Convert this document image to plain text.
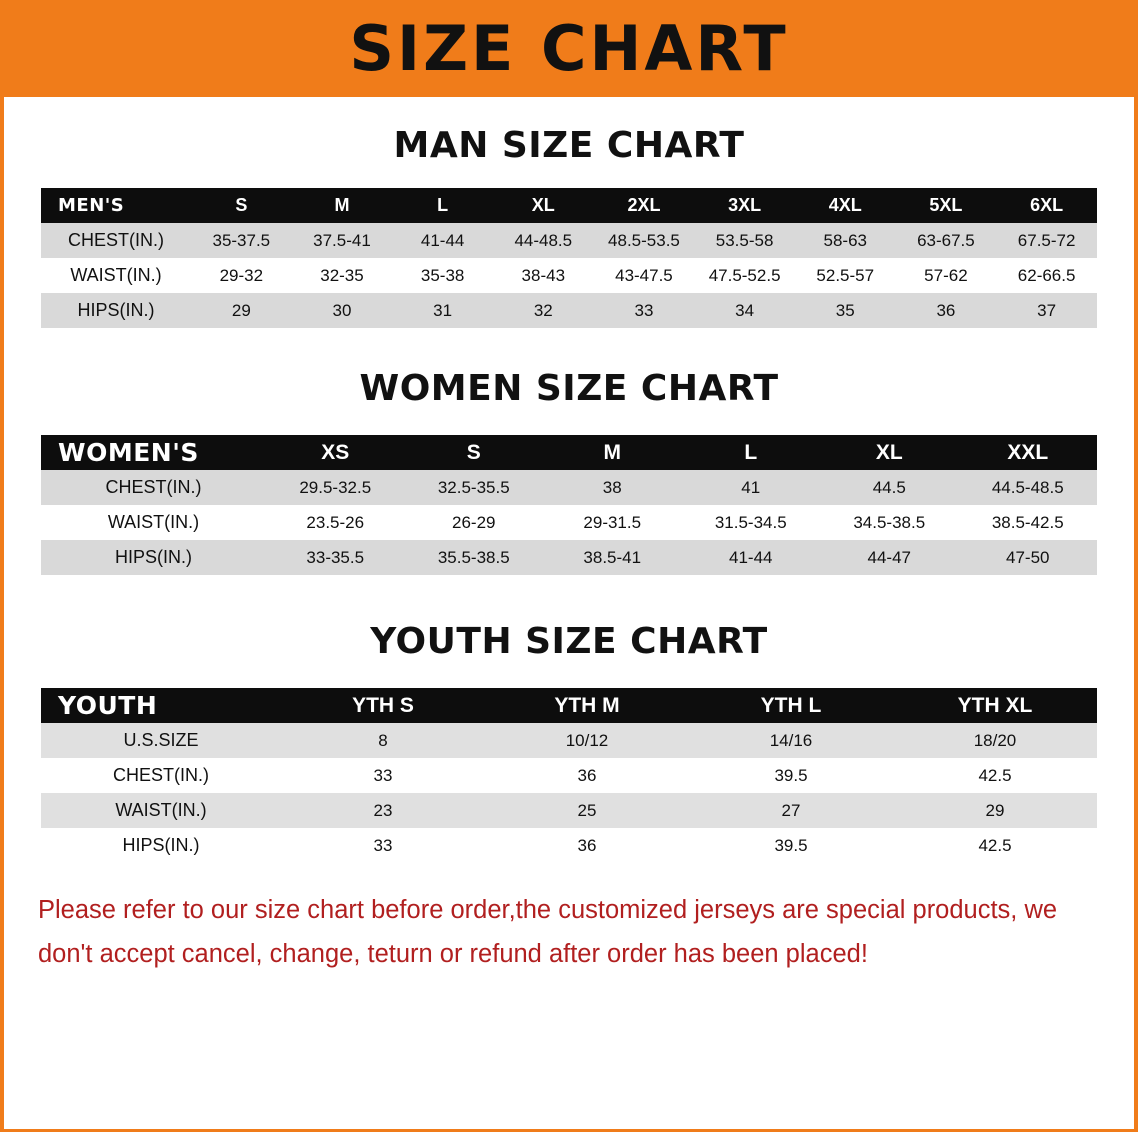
SIZE CHART
MAN SIZE CHART
MEN'S	S	M	L	XL	2XL	3XL	4XL	5XL	6XL
CHEST(IN.)	35-37.5	37.5-41	41-44	44-48.5	48.5-53.5	53.5-58	58-63	63-67.5	67.5-72
WAIST(IN.)	29-32	32-35	35-38	38-43	43-47.5	47.5-52.5	52.5-57	57-62	62-66.5
HIPS(IN.)	29	30	31	32	33	34	35	36	37
WOMEN SIZE CHART
WOMEN'S	XS	S	M	L	XL	XXL
CHEST(IN.)	29.5-32.5	32.5-35.5	38	41	44.5	44.5-48.5
WAIST(IN.)	23.5-26	26-29	29-31.5	31.5-34.5	34.5-38.5	38.5-42.5
HIPS(IN.)	33-35.5	35.5-38.5	38.5-41	41-44	44-47	47-50
YOUTH SIZE CHART
YOUTH	YTH S	YTH M	YTH L	YTH XL
U.S.SIZE	8	10/12	14/16	18/20
CHEST(IN.)	33	36	39.5	42.5
WAIST(IN.)	23	25	27	29
HIPS(IN.)	33	36	39.5	42.5
Please refer to our size chart before order,the customized jerseys are special products, we don't accept cancel, change, teturn or refund after order has been placed!
